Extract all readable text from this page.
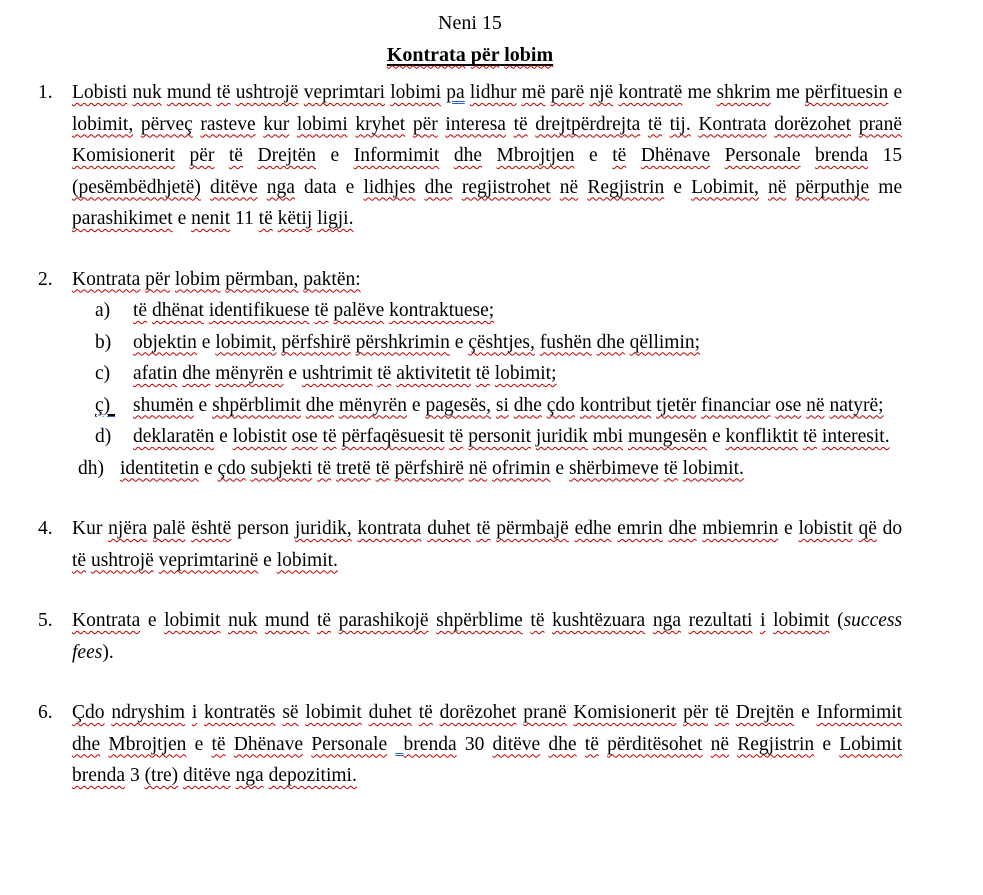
Neni 15
Kontrata për lobim
1. Lobisti nuk mund të ushtrojë veprimtari lobimi pa lidhur më parë një kontratë me shkrim me përfituesin e lobimit, përveç rasteve kur lobimi kryhet për interesa të drejtpërdrejta të tij. Kontrata dorëzohet pranë Komisionerit për të Drejtën e Informimit dhe Mbrojtjen e të Dhënave Personale brenda 15 (pesëmbëdhjetë) ditëve nga data e lidhjes dhe regjistrohet në Regjistrin e Lobimit, në përputhje me parashikimet e nenit 11 të këtij ligji.

2. Kontrata për lobim përmban, paktën:

a) të dhënat identifikuese të palëve kontraktuese;

b) objektin e lobimit, përfshirë përshkrimin e çështjes, fushën dhe qëllimin;

c) afatin dhe mënyrën e ushtrimit të aktivitetit të lobimit;

ç) shumën e shpërblimit dhe mënyrën e pagesës, si dhe çdo kontribut tjetër financiar ose në natyrë;

d) deklaratën e lobistit ose të përfaqësuesit të personit juridik mbi mungesën e konfliktit të interesit.

dh) identitetin e çdo subjekti të tretë të përfshirë në ofrimin e shërbimeve të lobimit.

4. Kur njëra palë është person juridik, kontrata duhet të përmbajë edhe emrin dhe mbiemrin e lobistit që do të ushtrojë veprimtarinë e lobimit.

5. Kontrata e lobimit nuk mund të parashikojë shpërblime të kushtëzuara nga rezultati i lobimit (success fees).

6. Çdo ndryshim i kontratës së lobimit duhet të dorëzohet pranë Komisionerit për të Drejtën e Informimit dhe Mbrojtjen e të Dhënave Personale brenda 30 ditëve dhe të përditësohet në Regjistrin e Lobimit brenda 3 (tre) ditëve nga depozitimi.
